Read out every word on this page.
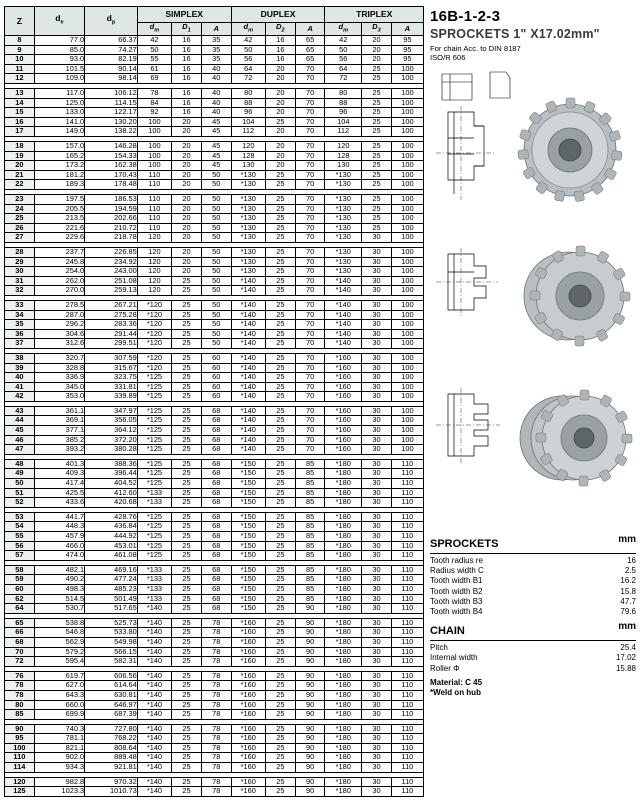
Z	$d_e$	$d_p$	SIMPLEX			DUPLEX			TRIPLEX		
			$d_m$	$D_1$	A	$d_m$	$D_2$	A	$d_m$	$D_3$	A
8	77.0	66.37	42	16	35	42	16	65	42	20	95
9	85.0	74.27	50	16	35	50	16	65	50	20	95
10	93.0	82.19	55	16	35	56	16	65	56	20	95
11	101.5	90.14	61	16	40	64	20	70	64	25	100
12	109.0	98.14	69	16	40	72	20	70	72	25	100

13	117.0	106.12	78	16	40	80	20	70	80	25	100
14	125.0	114.15	84	16	40	88	20	70	88	25	100
15	133.0	122.17	92	16	40	96	20	70	96	25	100
16	141.0	130.20	100	20	45	104	25	70	104	25	100
17	149.0	138.22	100	20	45	112	20	70	112	25	100

18	157.0	146.28	100	20	45	120	20	70	120	25	100
19	165.2	154.33	100	20	45	128	20	70	128	25	100
20	173.2	162.38	100	20	45	130	20	70	130	25	100
21	181.2	170.43	110	20	50	*130	25	70	*130	25	100
22	189.3	178.48	110	20	50	*130	25	70	*130	25	100

23	197.5	186.53	110	20	50	*130	25	70	*130	25	100
24	205.5	194.59	110	20	50	*130	25	70	*130	25	100
25	213.5	202.66	110	20	50	*130	25	70	*130	25	100
26	221.6	210.72	110	20	50	*130	25	70	*130	25	100
27	229.6	218.78	120	20	50	*130	25	70	*130	30	100

28	237.7	226.85	120	20	50	*130	25	70	*130	30	100
29	245.8	234.92	120	20	50	*130	25	70	*130	30	100
30	254.0	243.00	120	20	50	*130	25	70	*130	30	100
31	262.0	251.08	120	25	50	*140	25	70	*140	30	100
32	270.0	259.13	120	25	50	*140	25	70	*140	30	100

33	278.5	267.21	*120	25	50	*140	25	70	*140	30	100
34	287.0	275.28	*120	25	50	*140	25	70	*140	30	100
35	296.2	283.36	*120	25	50	*140	25	70	*140	30	100
36	304.6	291.44	*120	25	50	*140	25	70	*140	30	100
37	312.6	299.51	*120	25	50	*140	25	70	*140	30	100

38	320.7	307.59	*120	25	60	*140	25	70	*160	30	100
39	328.8	315.67	*120	25	60	*140	25	70	*160	30	100
40	336.9	323.75	*125	25	60	*140	25	70	*160	30	100
41	345.0	331.81	*125	25	60	*140	25	70	*160	30	100
42	353.0	339.89	*125	25	60	*140	25	70	*160	30	100

43	361.1	347.97	*125	25	68	*140	25	70	*160	30	100
44	369.1	356.05	*125	25	68	*140	25	70	*160	30	100
45	377.1	364.12	*125	25	68	*140	25	70	*160	30	100
46	385.2	372.20	*125	25	68	*140	25	70	*160	30	100
47	393.2	380.28	*125	25	68	*140	25	70	*160	30	100

48	401.3	388.36	*125	25	68	*150	25	85	*180	30	110
49	409.3	396.44	*125	25	68	*150	25	85	*180	30	110
50	417.4	404.52	*125	25	68	*150	25	85	*180	30	110
51	425.5	412.60	*133	25	68	*150	25	85	*180	30	110
52	433.6	420.68	*133	25	68	*150	25	85	*180	30	110

53	441.7	428.76	*125	25	68	*150	25	85	*180	30	110
54	448.3	436.84	*125	25	68	*150	25	85	*180	30	110
55	457.9	444.92	*125	25	68	*150	25	85	*180	30	110
56	466.0	453.01	*125	25	68	*150	25	85	*180	30	110
57	474.0	461.08	*125	25	68	*150	25	85	*180	30	110

58	482.1	469.16	*133	25	68	*150	25	85	*180	30	110
59	490.2	477.24	*133	25	68	*150	25	85	*180	30	110
60	498.3	485.23	*133	25	68	*150	25	85	*180	30	110
62	514.5	501.49	*133	25	68	*150	25	85	*180	30	110
64	530.7	517.65	*140	25	68	*150	25	90	*180	30	110

65	538.8	525.73	*140	25	78	*160	25	90	*180	30	110
66	546.8	533.80	*140	25	78	*160	25	90	*180	30	110
68	562.9	549.98	*140	25	78	*160	25	90	*180	30	110
70	579.2	566.15	*140	25	78	*160	25	90	*180	30	110
72	595.4	582.31	*140	25	78	*160	25	90	*180	30	110

76	619.7	606.56	*140	25	78	*160	25	90	*180	30	110
78	627.0	614.64	*140	25	78	*160	25	90	*180	30	110
78	643.3	630.81	*140	25	78	*160	25	90	*180	30	110
80	660.0	646.97	*140	25	78	*160	25	90	*180	30	110
85	699.9	687.39	*140	25	78	*160	25	90	*180	30	110

90	740.3	727.80	*140	25	78	*160	25	90	*180	30	110
95	781.1	768.22	*140	25	78	*160	25	90	*180	30	110
100	821.1	808.64	*140	25	78	*160	25	90	*180	30	110
110	902.0	889.48	*140	25	78	*160	25	90	*180	30	110
114	934.3	921.81	*140	25	78	*160	25	90	*180	30	110

120	982.8	970.32	*140	25	78	*160	25	90	*180	30	110
125	1023.3	1010.73	*140	25	78	*160	25	90	*180	30	110
16B-1-2-3
SPROCKETS 1" X17.02mm"
For chain Acc. to DIN 8187
ISO/R 606
SPROCKETS	mm
Tooth radius re	16
Radius width C	2.5
Tooth width B1	16.2
Tooth width B2	15.8
Tooth width B3	47.7
Tooth width B4	79.6
CHAIN	mm
Pitch	25.4
Internal width	17.02
Roller Φ	15.88
Material: C 45
*Weld on hub
